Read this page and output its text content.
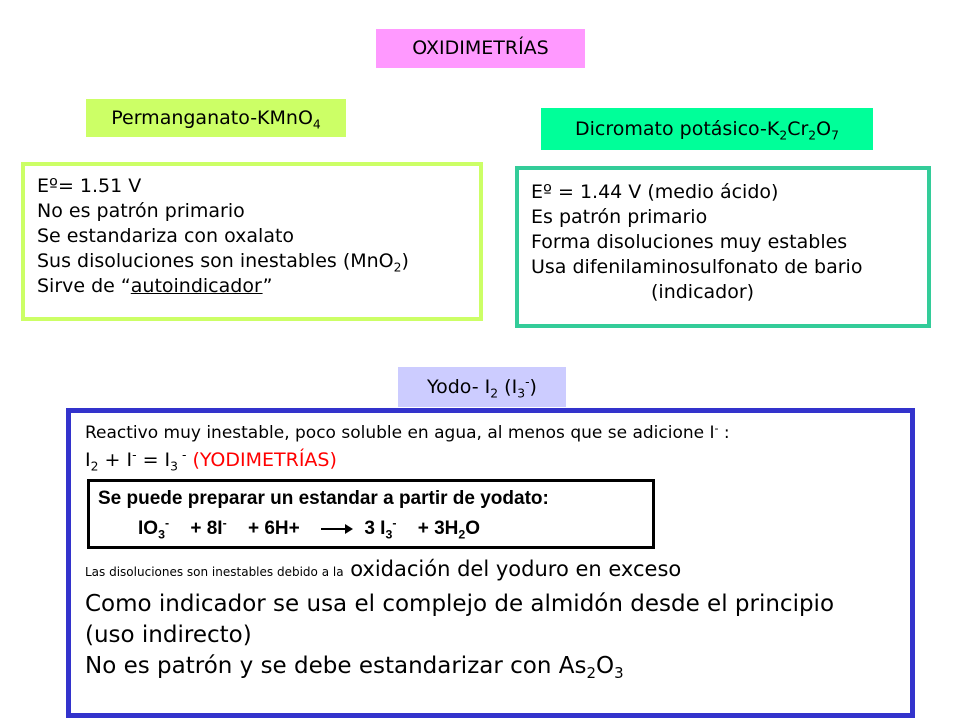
OXIDIMETRÍAS
Permanganato-KMnO$_4$
Eº= 1.51 V
No es patrón primario
Se estandariza con oxalato
Sus disoluciones son inestables (MnO$_2$)
Sirve de “autoindicador”
Dicromato potásico-$K_2Cr_2O_7$
Eº = 1.44 V (medio ácido)
Es patrón primario
Forma disoluciones muy estables
Usa difenilaminosulfonato de bario
(indicador)
Yodo- $I_2$ $(I_3^-)$
Reactivo muy inestable, poco soluble en agua, al menos que se adicione I- :
$I_2 + I^- = I_3$ - (YODIMETRÍAS)
Se puede preparar un estandar a partir de yodato:
$IO_3^- + 8I^- + 6H+ \to 3$ $I_3^- + 3H_2O$
Las disoluciones son inestables debido a la oxidación del yoduro en exceso
Como indicador se usa el complejo de almidón desde el principio
(uso indirecto)
No es patrón y se debe estandarizar con $As_2O_3$
